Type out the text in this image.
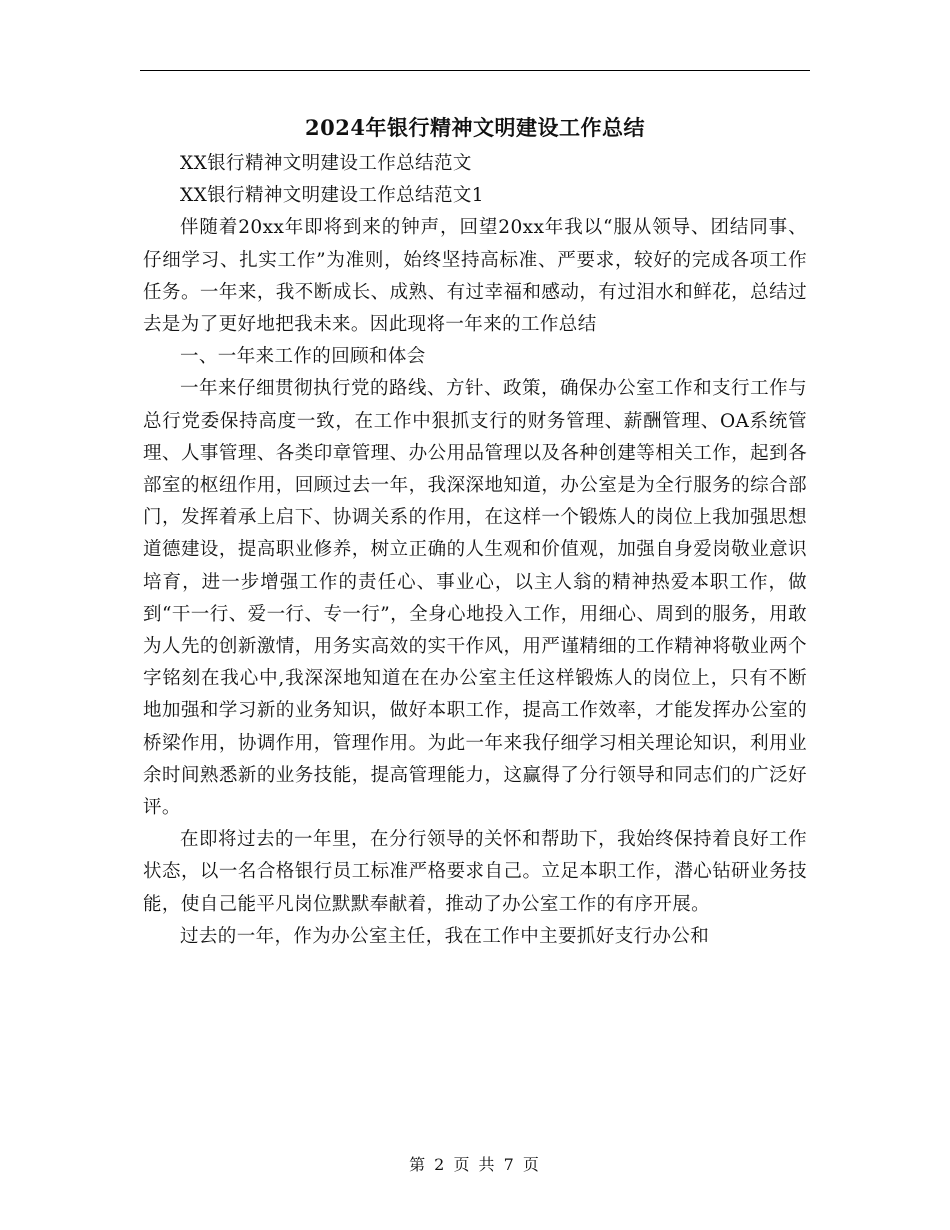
2024年银行精神文明建设工作总结

XX银行精神文明建设工作总结范文

XX银行精神文明建设工作总结范文1

伴随着20xx年即将到来的钟声，回望20xx年我以“服从领导、团结同事、仔细学习、扎实工作”为准则，始终坚持高标准、严要求，较好的完成各项工作任务。一年来，我不断成长、成熟、有过幸福和感动，有过泪水和鲜花，总结过去是为了更好地把我未来。因此现将一年来的工作总结

一、一年来工作的回顾和体会

一年来仔细贯彻执行党的路线、方针、政策，确保办公室工作和支行工作与总行党委保持高度一致，在工作中狠抓支行的财务管理、薪酬管理、OA系统管理、人事管理、各类印章管理、办公用品管理以及各种创建等相关工作，起到各部室的枢纽作用，回顾过去一年，我深深地知道，办公室是为全行服务的综合部门，发挥着承上启下、协调关系的作用，在这样一个锻炼人的岗位上我加强思想道德建设，提高职业修养，树立正确的人生观和价值观，加强自身爱岗敬业意识培育，进一步增强工作的责任心、事业心，以主人翁的精神热爱本职工作，做到“干一行、爱一行、专一行”，全身心地投入工作，用细心、周到的服务，用敢为人先的创新激情，用务实高效的实干作风，用严谨精细的工作精神将敬业两个字铭刻在我心中,我深深地知道在在办公室主任这样锻炼人的岗位上，只有不断地加强和学习新的业务知识，做好本职工作，提高工作效率，才能发挥办公室的桥梁作用，协调作用，管理作用。为此一年来我仔细学习相关理论知识，利用业余时间熟悉新的业务技能，提高管理能力，这赢得了分行领导和同志们的广泛好评。

在即将过去的一年里，在分行领导的关怀和帮助下，我始终保持着良好工作状态，以一名合格银行员工标准严格要求自己。立足本职工作，潜心钻研业务技能，使自己能平凡岗位默默奉献着，推动了办公室工作的有序开展。

过去的一年，作为办公室主任，我在工作中主要抓好支行办公和

第 2 页 共 7 页
